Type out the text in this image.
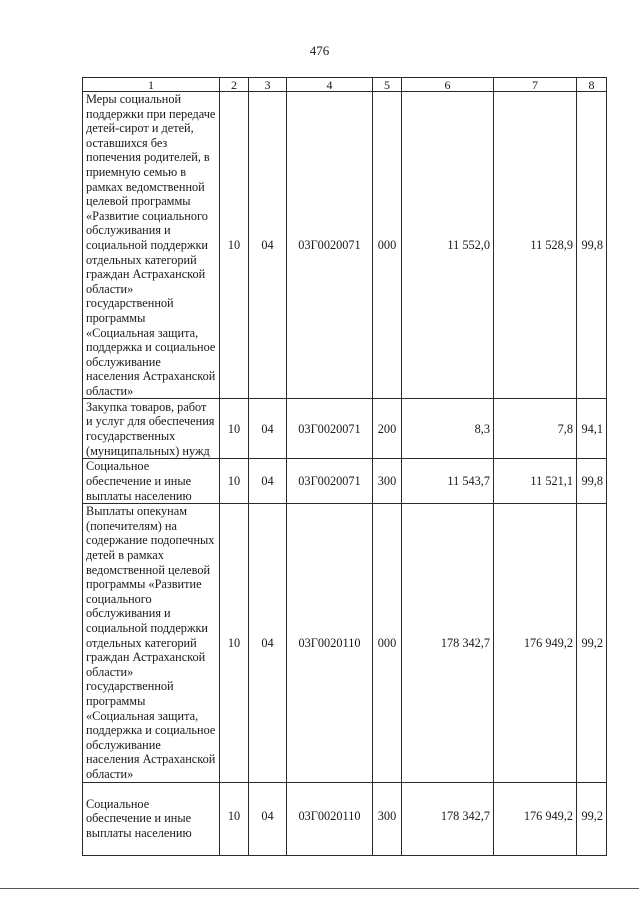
476
1	2	3	4	5	6	7	8
Меры социальной поддержки при передаче детей-сирот и детей, оставшихся без попечения родителей, в приемную семью в рамках ведомственной целевой программы «Развитие социального обслуживания и социальной поддержки отдельных категорий граждан Астраханской области» государственной программы «Социальная защита, поддержка и социальное обслуживание населения Астраханской области»	10	04	03Г0020071	000	11 552,0	11 528,9	99,8
Закупка товаров, работ и услуг для обеспечения государственных (муниципальных) нужд	10	04	03Г0020071	200	8,3	7,8	94,1
Социальное обеспечение и иные выплаты населению	10	04	03Г0020071	300	11 543,7	11 521,1	99,8
Выплаты опекунам (попечителям) на содержание подопечных детей в рамках ведомственной целевой программы «Развитие социального обслуживания и социальной поддержки отдельных категорий граждан Астраханской области» государственной программы «Социальная защита, поддержка и социальное обслуживание населения Астраханской области»	10	04	03Г0020110	000	178 342,7	176 949,2	99,2
Социальное обеспечение и иные выплаты населению	10	04	03Г0020110	300	178 342,7	176 949,2	99,2
